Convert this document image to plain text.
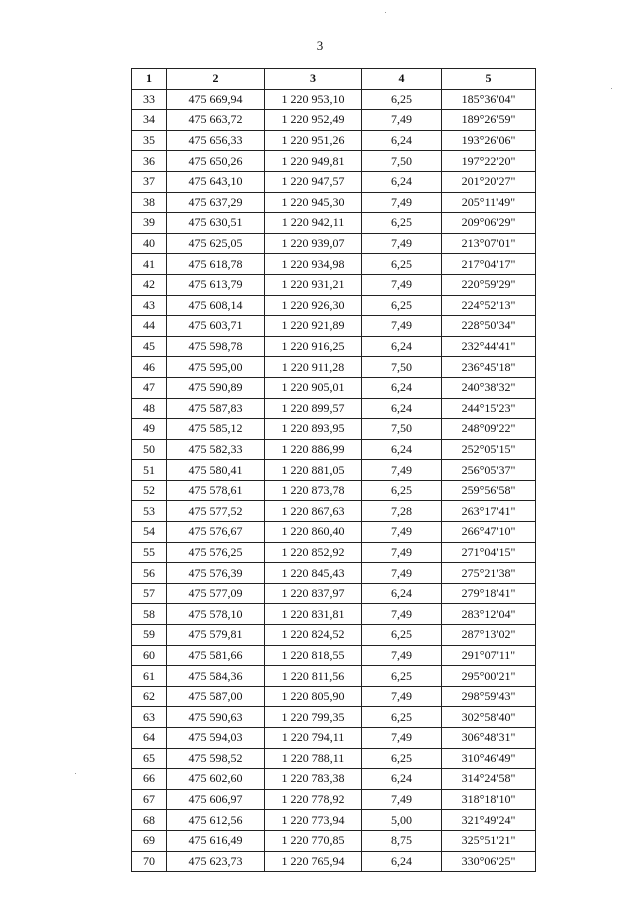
3
1	2	3	4	5
33	475 669,94	1 220 953,10	6,25	185°36'04"
34	475 663,72	1 220 952,49	7,49	189°26'59"
35	475 656,33	1 220 951,26	6,24	193°26'06"
36	475 650,26	1 220 949,81	7,50	197°22'20"
37	475 643,10	1 220 947,57	6,24	201°20'27"
38	475 637,29	1 220 945,30	7,49	205°11'49"
39	475 630,51	1 220 942,11	6,25	209°06'29"
40	475 625,05	1 220 939,07	7,49	213°07'01"
41	475 618,78	1 220 934,98	6,25	217°04'17"
42	475 613,79	1 220 931,21	7,49	220°59'29"
43	475 608,14	1 220 926,30	6,25	224°52'13"
44	475 603,71	1 220 921,89	7,49	228°50'34"
45	475 598,78	1 220 916,25	6,24	232°44'41"
46	475 595,00	1 220 911,28	7,50	236°45'18"
47	475 590,89	1 220 905,01	6,24	240°38'32"
48	475 587,83	1 220 899,57	6,24	244°15'23"
49	475 585,12	1 220 893,95	7,50	248°09'22"
50	475 582,33	1 220 886,99	6,24	252°05'15"
51	475 580,41	1 220 881,05	7,49	256°05'37"
52	475 578,61	1 220 873,78	6,25	259°56'58"
53	475 577,52	1 220 867,63	7,28	263°17'41"
54	475 576,67	1 220 860,40	7,49	266°47'10"
55	475 576,25	1 220 852,92	7,49	271°04'15"
56	475 576,39	1 220 845,43	7,49	275°21'38"
57	475 577,09	1 220 837,97	6,24	279°18'41"
58	475 578,10	1 220 831,81	7,49	283°12'04"
59	475 579,81	1 220 824,52	6,25	287°13'02"
60	475 581,66	1 220 818,55	7,49	291°07'11"
61	475 584,36	1 220 811,56	6,25	295°00'21"
62	475 587,00	1 220 805,90	7,49	298°59'43"
63	475 590,63	1 220 799,35	6,25	302°58'40"
64	475 594,03	1 220 794,11	7,49	306°48'31"
65	475 598,52	1 220 788,11	6,25	310°46'49"
66	475 602,60	1 220 783,38	6,24	314°24'58"
67	475 606,97	1 220 778,92	7,49	318°18'10"
68	475 612,56	1 220 773,94	5,00	321°49'24"
69	475 616,49	1 220 770,85	8,75	325°51'21"
70	475 623,73	1 220 765,94	6,24	330°06'25"
